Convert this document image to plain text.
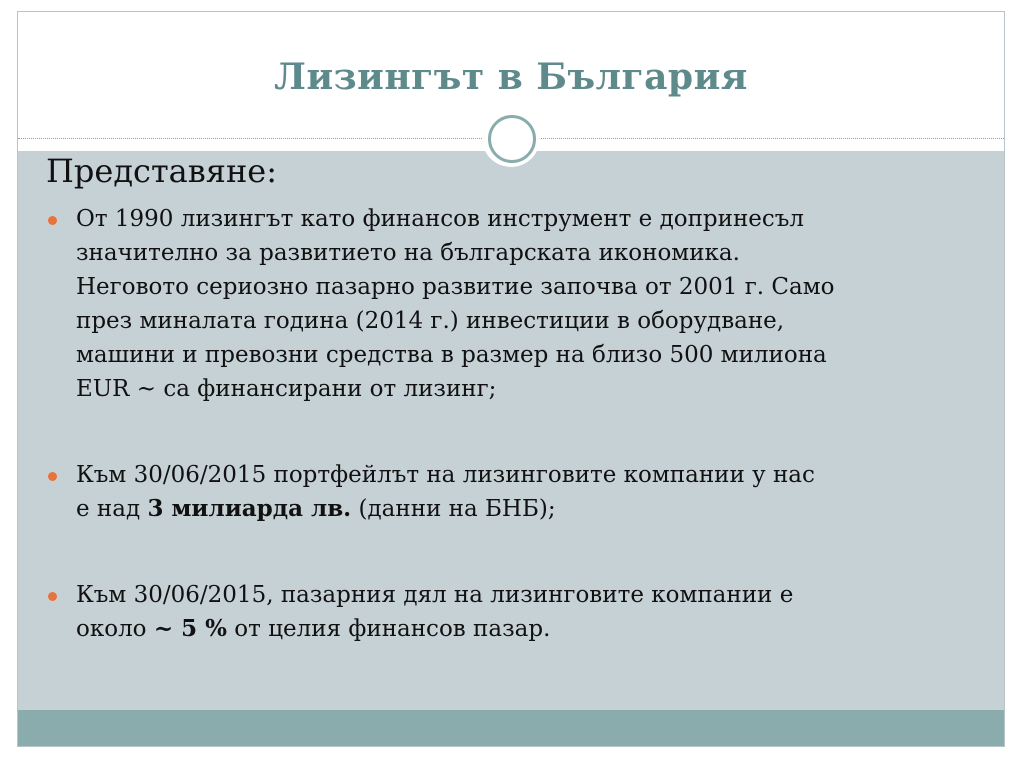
Лизингът в България
Представяне:
От 1990 лизингът като финансов инструмент е допринесъл
значително за развитието на българската икономика.
Неговото сериозно пазарно развитие започва от 2001 г. Само
през миналата година (2014 г.) инвестиции в оборудване,
машини и превозни средства в размер на близо 500 милиона
EUR ~ са финансирани от лизинг;
Към 30/06/2015 портфейлът на лизинговите компании у нас
е над 3 милиарда лв. (данни на БНБ);
Към 30/06/2015, пазарния дял на лизинговите компании е
около ~ 5 % от целия финансов пазар.
